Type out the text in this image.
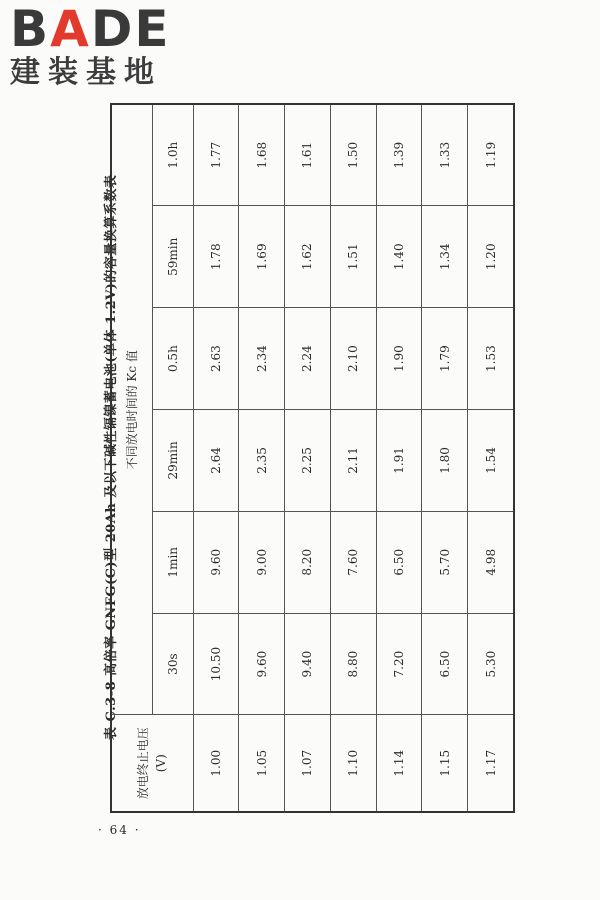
BADE
建装基地
表 C.3-8 高倍率 GNFG(C)型 20Ah 及以下碱性镉镍蓄电池(单体 1.2V)的容量换算系数表
放电终止电压
(V)	不同放电时间的 Kc 值					
	30s	1min	29min	0.5h	59min	1.0h
1.00	10.50	9.60	2.64	2.63	1.78	1.77
1.05	9.60	9.00	2.35	2.34	1.69	1.68
1.07	9.40	8.20	2.25	2.24	1.62	1.61
1.10	8.80	7.60	2.11	2.10	1.51	1.50
1.14	7.20	6.50	1.91	1.90	1.40	1.39
1.15	6.50	5.70	1.80	1.79	1.34	1.33
1.17	5.30	4.98	1.54	1.53	1.20	1.19
· 64 ·
